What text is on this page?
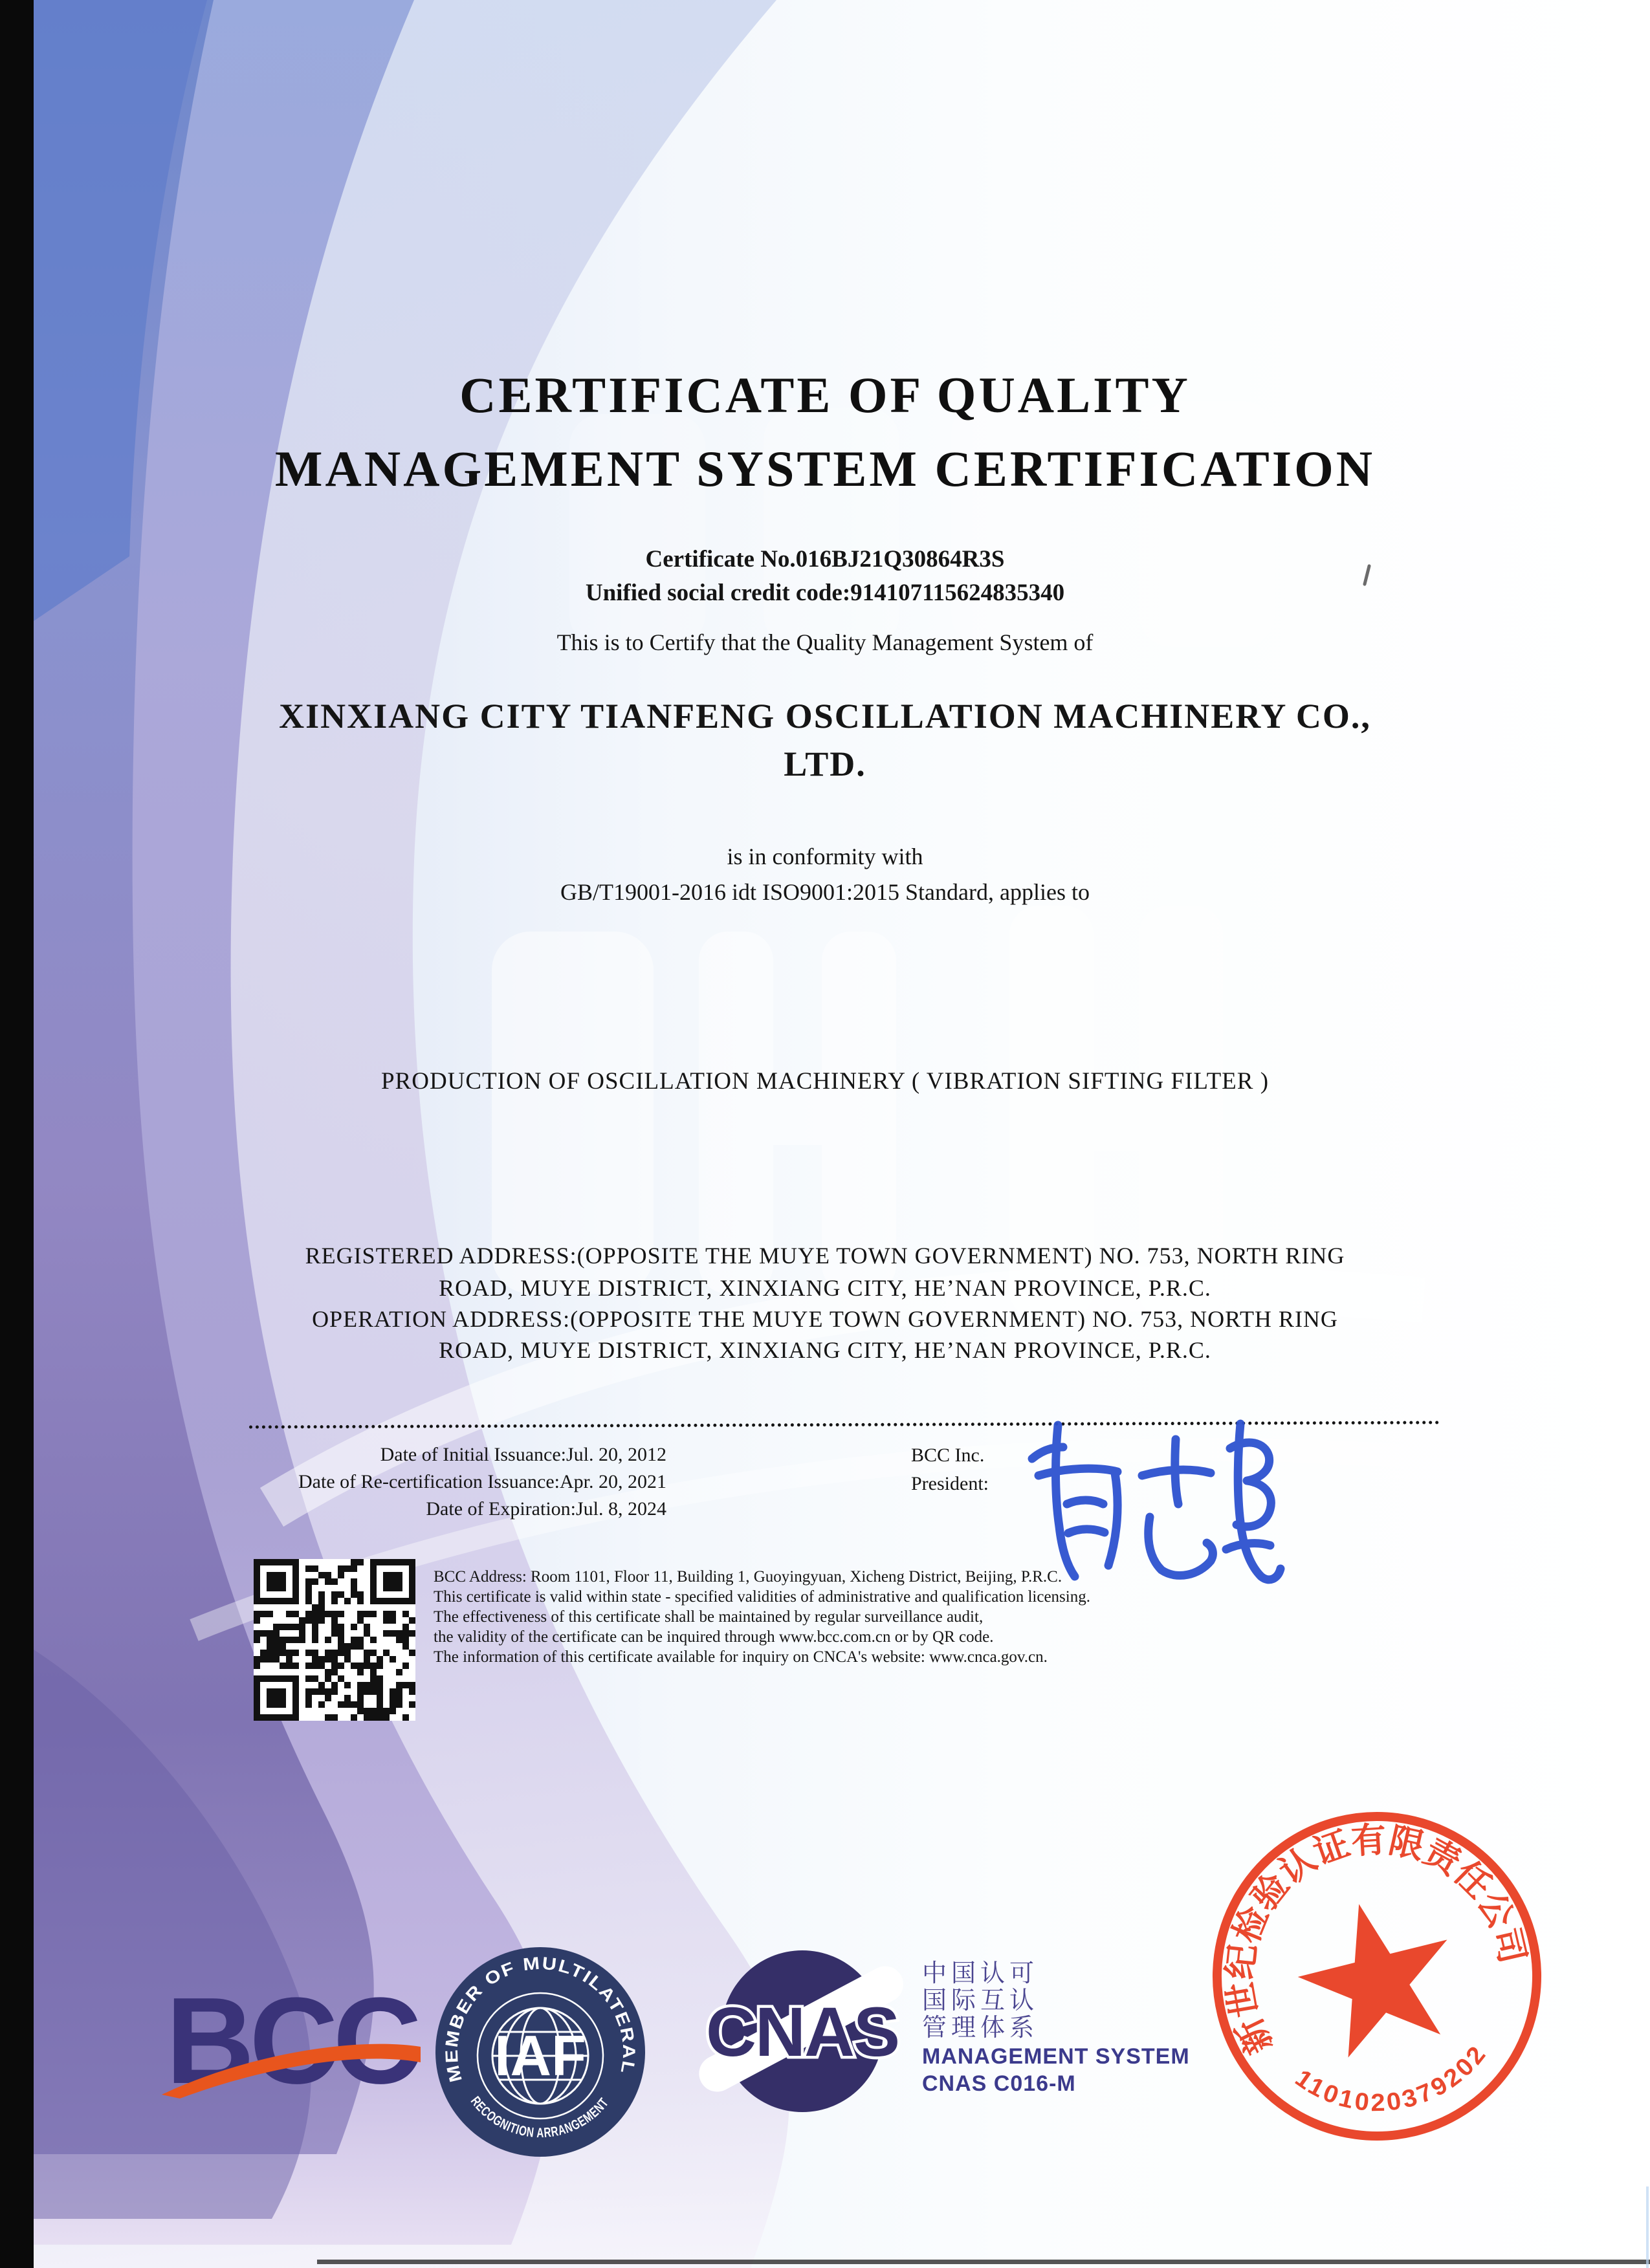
CERTIFICATE OF QUALITY
MANAGEMENT SYSTEM CERTIFICATION
Certificate No.016BJ21Q30864R3S
Unified social credit code:914107115624835340
This is to Certify that the Quality Management System of
XINXIANG CITY TIANFENG OSCILLATION MACHINERY CO.,
LTD.
is in conformity with
GB/T19001-2016 idt ISO9001:2015 Standard, applies to
PRODUCTION OF OSCILLATION MACHINERY ( VIBRATION SIFTING FILTER )
REGISTERED ADDRESS:(OPPOSITE THE MUYE TOWN GOVERNMENT) NO. 753, NORTH RING
ROAD, MUYE DISTRICT, XINXIANG CITY, HE’NAN PROVINCE, P.R.C.
OPERATION ADDRESS:(OPPOSITE THE MUYE TOWN GOVERNMENT) NO. 753, NORTH RING
ROAD, MUYE DISTRICT, XINXIANG CITY, HE’NAN PROVINCE, P.R.C.
Date of Initial Issuance:Jul. 20, 2012
Date of Re-certification Issuance:Apr. 20, 2021
Date of Expiration:Jul. 8, 2024
BCC Inc.
President:
BCC Address: Room 1101, Floor 11, Building 1, Guoyingyuan, Xicheng District, Beijing, P.R.C.
This certificate is valid within state - specified validities of administrative and qualification licensing.
The effectiveness of this certificate shall be maintained by regular surveillance audit,
the validity of the certificate can be inquired through www.bcc.com.cn or by QR code.
The information of this certificate available for inquiry on CNCA's website: www.cnca.gov.cn.
BCC MEMBER OF MULTILATERAL
RECOGNITION ARRANGEMENT
IAF CNAS
中国认可
国际互认
管理体系
MANAGEMENT SYSTEM
CNAS C016-M
新世纪检验认证有限责任公司
1101020379202
